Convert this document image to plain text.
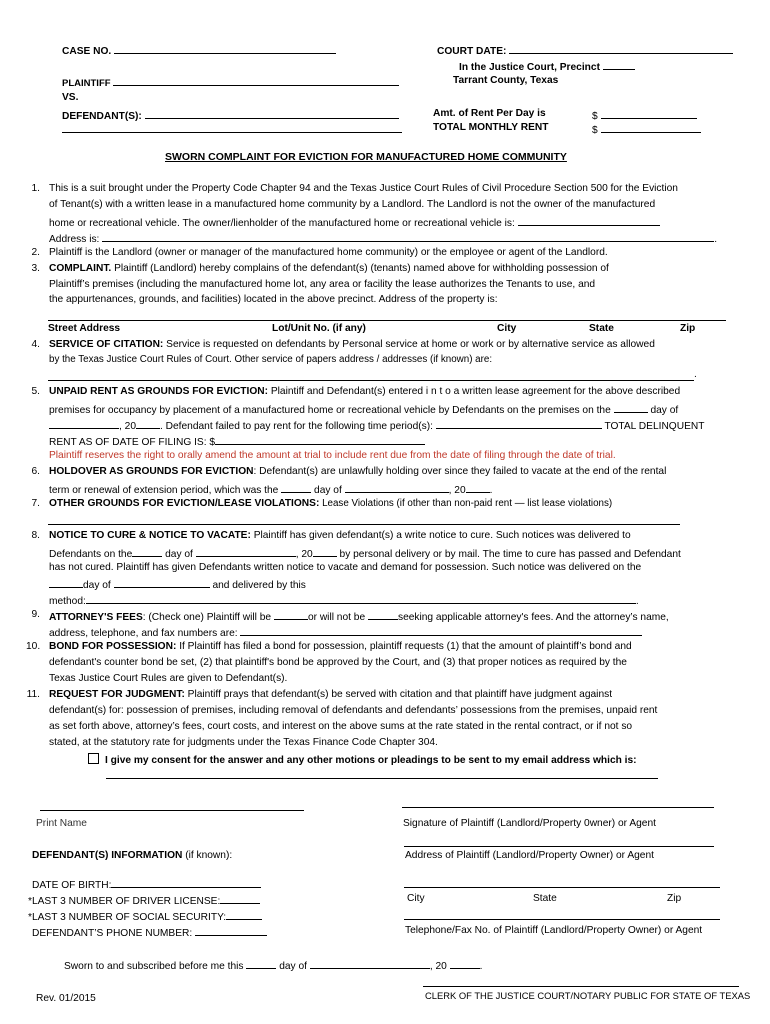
CASE NO.
PLAINTIFF
VS.
DEFENDANT(S):
COURT DATE:
In the Justice Court, Precinct
Tarrant County, Texas
Amt. of Rent Per Day is
TOTAL MONTHLY RENT
$
$
SWORN COMPLAINT FOR EVICTION FOR MANUFACTURED HOME COMMUNITY
1. This is a suit brought under the Property Code Chapter 94 and the Texas Justice Court Rules of Civil Procedure Section 500 for the Eviction
of Tenant(s) with a written lease in a manufactured home community by a Landlord. The Landlord is not the owner of the manufactured
home or recreational vehicle. The owner/lienholder of the manufactured home or recreational vehicle is:
Address is:	.
2. Plaintiff is the Landlord (owner or manager of the manufactured home community) or the employee or agent of the Landlord.
3. COMPLAINT. Plaintiff (Landlord) hereby complains of the defendant(s) (tenants) named above for withholding possession of
Plaintiff’s premises (including the manufactured home lot, any area or facility the lease authorizes the Tenants to use, and
the appurtenances, grounds, and facilities) located in the above precinct. Address of the property is:
Street Address	Lot/Unit No. (if any)	City	State	Zip
4. SERVICE OF CITATION: Service is requested on defendants by Personal service at home or work or by alternative service as allowed
by the Texas Justice Court Rules of Court. Other service of papers address / addresses (if known) are:
.
5. UNPAID RENT AS GROUNDS FOR EVICTION: Plaintiff and Defendant(s) entered i n t o a written lease agreement for the above described
premises for occupancy by placement of a manufactured home or recreational vehicle by Defendants on the premises on the	day of
, 20 . Defendant failed to pay rent for the following time period(s):	TOTAL DELINQUENT
RENT AS OF DATE OF FILING IS: $
Plaintiff reserves the right to orally amend the amount at trial to include rent due from the date of filing through the date of trial.
6. HOLDOVER AS GROUNDS FOR EVICTION: Defendant(s) are unlawfully holding over since they failed to vacate at the end of the rental
term or renewal of extension period, which was the	day of	, 20 .
7. OTHER GROUNDS FOR EVICTION/LEASE VIOLATIONS: Lease Violations (if other than non-paid rent — list lease violations)
8. NOTICE TO CURE & NOTICE TO VACATE: Plaintiff has given defendant(s) a write notice to cure. Such notices was delivered to
Defendants on the	day of	, 20 by personal delivery or by mail. The time to cure has passed and Defendant
has not cured. Plaintiff has given Defendants written notice to vacate and demand for possession. Such notice was delivered on the
day of	and delivered by this
method:	.
9. ATTORNEY'S FEES: (Check one) Plaintiff will be	or will not be	seeking applicable attorney's fees. And the attorney’s name,
address, telephone, and fax numbers are:
10. BOND FOR POSSESSION: If Plaintiff has filed a bond for possession, plaintiff requests (1) that the amount of plaintiff’s bond and
defendant's counter bond be set, (2) that plaintiff's bond be approved by the Court, and (3) that proper notices as required by the
Texas Justice Court Rules are given to Defendant(s).
11. REQUEST FOR JUDGMENT: Plaintiff prays that defendant(s) be served with citation and that plaintiff have judgment against
defendant(s) for: possession of premises, including removal of defendants and defendants’ possessions from the premises, unpaid rent
as set forth above, attorney’s fees, court costs, and interest on the above sums at the rate stated in the rental contract, or if not so
stated, at the statutory rate for judgments under the Texas Finance Code Chapter 304.
I give my consent for the answer and any other motions or pleadings to be sent to my email address which is:
Print Name	Signature of Plaintiff (Landlord/Property 0wner) or Agent
DEFENDANT(S) INFORMATION (if known):	Address of Plaintiff (Landlord/Property Owner) or Agent
DATE OF BIRTH:
*LAST 3 NUMBER OF DRIVER LICENSE:
*LAST 3 NUMBER OF SOCIAL SECURITY:
DEFENDANT’S PHONE NUMBER:
City	State	Zip
Telephone/Fax No. of Plaintiff (Landlord/Property Owner) or Agent
Sworn to and subscribed before me this	day of	, 20	.
CLERK OF THE JUSTICE COURT/NOTARY PUBLIC FOR STATE OF TEXAS
Rev. 01/2015
